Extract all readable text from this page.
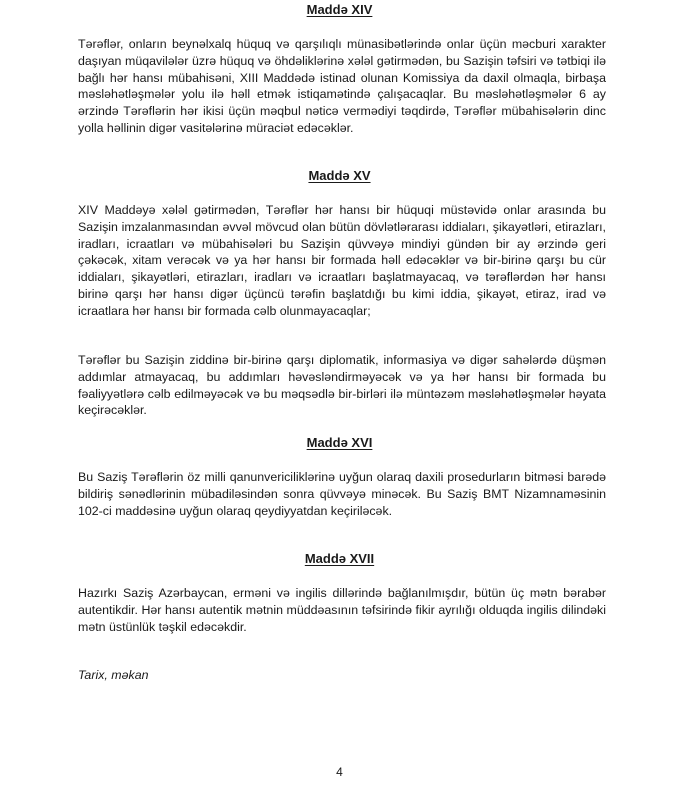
Maddə XIV

Tərəflər, onların beynəlxalq hüquq və qarşılıqlı münasibətlərində onlar üçün məcburi xarakter daşıyan müqavilələr üzrə hüquq və öhdəliklərinə xələl gətirmədən, bu Sazişin təfsiri və tətbiqi ilə bağlı hər hansı mübahisəni, XIII Maddədə istinad olunan Komissiya da daxil olmaqla, birbaşa məsləhətləşmələr yolu ilə həll etmək istiqamətində çalışacaqlar. Bu məsləhətləşmələr 6 ay ərzində Tərəflərin hər ikisi üçün məqbul nəticə vermədiyi təqdirdə, Tərəflər mübahisələrin dinc yolla həllinin digər vasitələrinə müraciət edəcəklər.

Maddə XV

XIV Maddəyə xələl gətirmədən, Tərəflər hər hansı bir hüquqi müstəvidə onlar arasında bu Sazişin imzalanmasından əvvəl mövcud olan bütün dövlətlərarası iddiaları, şikayətləri, etirazları, iradları, icraatları və mübahisələri bu Sazişin qüvvəyə mindiyi gündən bir ay ərzində geri çəkəcək, xitam verəcək və ya hər hansı bir formada həll edəcəklər və bir-birinə qarşı bu cür iddiaları, şikayətləri, etirazları, iradları və icraatları başlatmayacaq, və tərəflərdən hər hansı birinə qarşı hər hansı digər üçüncü tərəfin başlatdığı bu kimi iddia, şikayət, etiraz, irad və icraatlara hər hansı bir formada cəlb olunmayacaqlar;

Tərəflər bu Sazişin ziddinə bir-birinə qarşı diplomatik, informasiya və digər sahələrdə düşmən addımlar atmayacaq, bu addımları həvəsləndirməyəcək və ya hər hansı bir formada bu fəaliyyətlərə cəlb edilməyəcək və bu məqsədlə bir-birləri ilə müntəzəm məsləhətləşmələr həyata keçirəcəklər.

Maddə XVI

Bu Saziş Tərəflərin öz milli qanunvericiliklərinə uyğun olaraq daxili prosedurların bitməsi barədə bildiriş sənədlərinin mübadiləsindən sonra qüvvəyə minəcək. Bu Saziş BMT Nizamnaməsinin 102-ci maddəsinə uyğun olaraq qeydiyyatdan keçiriləcək.

Maddə XVII

Hazırkı Saziş Azərbaycan, erməni və ingilis dillərində bağlanılmışdır, bütün üç mətn bərabər autentikdir. Hər hansı autentik mətnin müddəasının təfsirində fikir ayrılığı olduqda ingilis dilindəki mətn üstünlük təşkil edəcəkdir.

Tarix, məkan

4
